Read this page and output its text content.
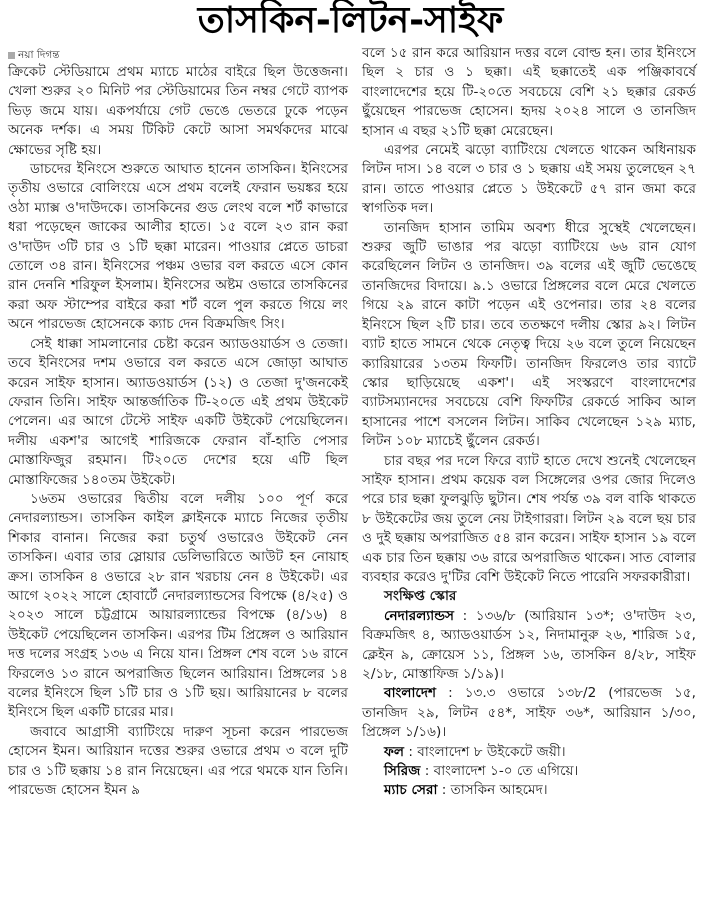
তাসকিন-লিটন-সাইফ
নয়া দিগন্ত

ক্রিকেট স্টেডিয়ামে প্রথম ম্যাচে মাঠের বাইরে ছিল উত্তেজনা। খেলা শুরুর ২০ মিনিট পর স্টেডিয়ামের তিন নম্বর গেটে ব্যাপক ভিড় জমে যায়। একপর্যায়ে গেট ভেঙে ভেতরে ঢুকে পড়েন অনেক দর্শক। এ সময় টিকিট কেটে আসা সমর্থকদের মাঝে ক্ষোভের সৃষ্টি হয়।

ডাচদের ইনিংসে শুরুতে আঘাত হানেন তাসকিন। ইনিংসের তৃতীয় ওভারে বোলিংয়ে এসে প্রথম বলেই ফেরান ভয়ঙ্কর হয়ে ওঠা ম্যাক্স ও'দাউদকে। তাসকিনের গুড লেংথ বলে শর্ট কাভারে ধরা পড়েছেন জাকের আলীর হাতে। ১৫ বলে ২৩ রান করা ও'দাউদ ৩টি চার ও ১টি ছক্কা মারেন। পাওয়ার প্লেতে ডাচরা তোলে ৩৪ রান। ইনিংসের পঞ্চম ওভার বল করতে এসে কোন রান দেননি শরিফুল ইসলাম। ইনিংসের অষ্টম ওভারে তাসকিনের করা অফ স্টাম্পের বাইরে করা শর্ট বলে পুল করতে গিয়ে লং অনে পারভেজ হোসেনকে ক্যাচ দেন বিক্রমজিৎ সিং।

সেই ধাক্কা সামলানোর চেষ্টা করেন অ্যাডওয়ার্ডস ও তেজা। তবে ইনিংসের দশম ওভারে বল করতে এসে জোড়া আঘাত করেন সাইফ হাসান। অ্যাডওয়ার্ডস (১২) ও তেজা দু'জনকেই ফেরান তিনি। সাইফ আন্তর্জাতিক টি-২০তে এই প্রথম উইকেট পেলেন। এর আগে টেস্টে সাইফ একটি উইকেট পেয়েছিলেন। দলীয় একশ'র আগেই শারিজকে ফেরান বাঁ-হাতি পেসার মোস্তাফিজুর রহমান। টি২০তে দেশের হয়ে এটি ছিল মোস্তাফিজের ১৪০তম উইকেট।

১৬তম ওভারের দ্বিতীয় বলে দলীয় ১০০ পূর্ণ করে নেদারল্যান্ডস। তাসকিন কাইল ক্লাইনকে ম্যাচে নিজের তৃতীয় শিকার বানান। নিজের করা চতুর্থ ওভারেও উইকেট নেন তাসকিন। এবার তার স্লোয়ার ডেলিভারিতে আউট হন নোয়াহ ক্রস। তাসকিন ৪ ওভারে ২৮ রান খরচায় নেন ৪ উইকেট। এর আগে ২০২২ সালে হোবার্টে নেদারল্যান্ডসের বিপক্ষে (৪/২৫) ও ২০২৩ সালে চট্টগ্রামে আয়ারল্যান্ডের বিপক্ষে (৪/১৬) ৪ উইকেট পেয়েছিলেন তাসকিন। এরপর টিম প্রিঙ্গেল ও আরিয়ান দত্ত দলের সংগ্রহ ১৩৬ এ নিয়ে যান। প্রিঙ্গল শেষ বলে ১৬ রানে ফিরলেও ১৩ রানে অপরাজিত ছিলেন আরিয়ান। প্রিঙ্গলের ১৪ বলের ইনিংসে ছিল ১টি চার ও ১টি ছয়। আরিয়ানের ৮ বলের ইনিংসে ছিল একটি চারের মার।

জবাবে আগ্রাসী ব্যাটিংয়ে দারুণ সূচনা করেন পারভেজ হোসেন ইমন। আরিয়ান দত্তের শুরুর ওভারে প্রথম ৩ বলে দুটি চার ও ১টি ছক্কায় ১৪ রান নিয়েছেন। এর পরে থমকে যান তিনি। পারভেজ হোসেন ইমন ৯

বলে ১৫ রান করে আরিয়ান দত্তর বলে বোল্ড হন। তার ইনিংসে ছিল ২ চার ও ১ ছক্কা। এই ছক্কাতেই এক পঞ্জিকাবর্ষে বাংলাদেশের হয়ে টি-২০তে সবচেয়ে বেশি ২১ ছক্কার রেকর্ড ছুঁয়েছেন পারভেজ হোসেন। হৃদয় ২০২৪ সালে ও তানজিদ হাসান এ বছর ২১টি ছক্কা মেরেছেন।

এরপর নেমেই ঝড়ো ব্যাটিংয়ে খেলতে থাকেন অধিনায়ক লিটন দাস। ১৪ বলে ৩ চার ও ১ ছক্কায় এই সময় তুলেছেন ২৭ রান। তাতে পাওয়ার প্লেতে ১ উইকেটে ৫৭ রান জমা করে স্বাগতিক দল।

তানজিদ হাসান তামিম অবশ্য ধীরে সুস্থেই খেলেছেন। শুরুর জুটি ভাঙার পর ঝড়ো ব্যাটিংয়ে ৬৬ রান যোগ করেছিলেন লিটন ও তানজিদ। ৩৯ বলের এই জুটি ভেঙেছে তানজিদের বিদায়ে। ৯.১ ওভারে প্রিঙ্গলের বলে মেরে খেলতে গিয়ে ২৯ রানে কাটা পড়েন এই ওপেনার। তার ২৪ বলের ইনিংসে ছিল ২টি চার। তবে ততক্ষণে দলীয় স্কোর ৯২। লিটন ব্যাট হাতে সামনে থেকে নেতৃত্ব দিয়ে ২৬ বলে তুলে নিয়েছেন ক্যারিয়ারের ১৩তম ফিফটি। তানজিদ ফিরলেও তার ব্যাটে স্কোর ছাড়িয়েছে একশ'। এই সংস্করণে বাংলাদেশের ব্যাটসম্যানদের সবচেয়ে বেশি ফিফটির রেকর্ডে সাকিব আল হাসানের পাশে বসলেন লিটন। সাকিব খেলেছেন ১২৯ ম্যাচ, লিটন ১০৮ ম্যাচেই ছুঁলেন রেকর্ড।

চার বছর পর দলে ফিরে ব্যাট হাতে দেখে শুনেই খেলেছেন সাইফ হাসান। প্রথম কয়েক বল সিঙ্গেলের ওপর জোর দিলেও পরে চার ছক্কা ফুলঝুড়ি ছুটান। শেষ পর্যন্ত ৩৯ বল বাকি থাকতে ৮ উইকেটের জয় তুলে নেয় টাইগাররা। লিটন ২৯ বলে ছয় চার ও দুই ছক্কায় অপরাজিত ৫৪ রান করেন। সাইফ হাসান ১৯ বলে এক চার তিন ছক্কায় ৩৬ রারে অপরাজিত থাকেন। সাত বোলার ব্যবহার করেও দু'টির বেশি উইকেট নিতে পারেনি সফরকারীরা।

সংক্ষিপ্ত স্কোর
নেদারল্যান্ডস : ১৩৬/৮ (আরিয়ান ১৩*; ও'দাউদ ২৩, বিক্রমজিৎ ৪, অ্যাডওয়ার্ডস ১২, নিদামানুরু ২৬, শারিজ ১৫, ক্লেইন ৯, ক্রোয়েস ১১, প্রিঙ্গল ১৬, তাসকিন ৪/২৮, সাইফ ২/১৮, মোস্তাফিজ ১/১৯)।
বাংলাদেশ : ১৩.৩ ওভারে ১৩৮/2 (পারভেজ ১৫, তানজিদ ২৯, লিটন ৫৪*, সাইফ ৩৬*, আরিয়ান ১/৩০, প্রিঙ্গেল ১/১৬)।
ফল : বাংলাদেশ ৮ উইকেটে জয়ী।
সিরিজ : বাংলাদেশ ১-০ তে এগিয়ে।
ম্যাচ সেরা : তাসকিন আহমেদ।
